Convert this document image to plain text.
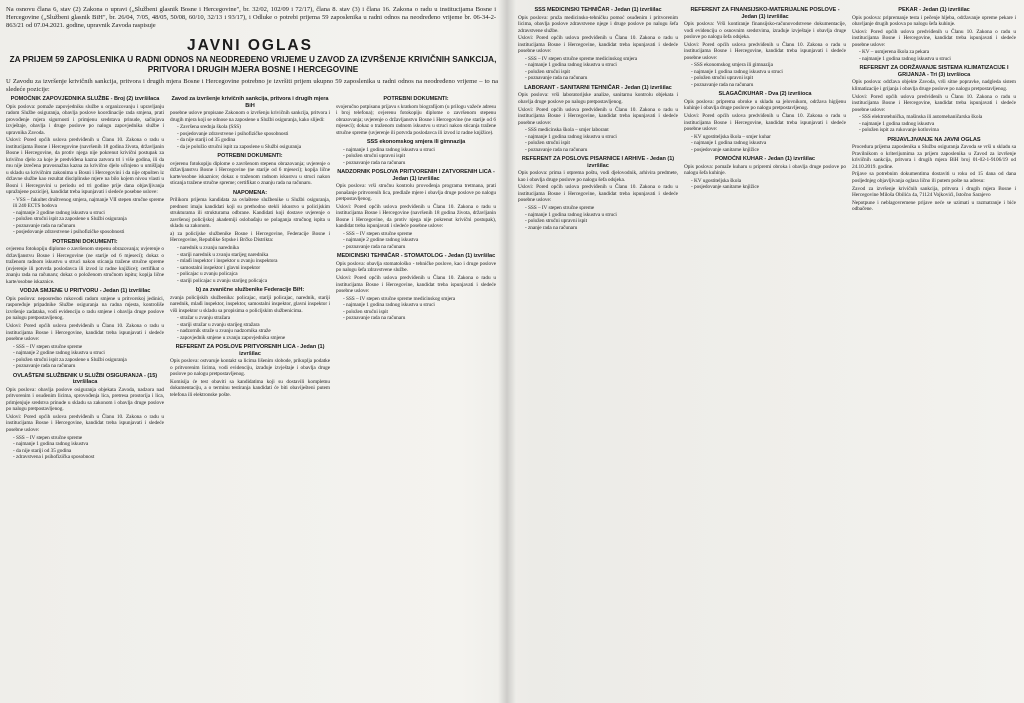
Na osnovu člana 6, stav (2) Zakona o upravi („Službeni glasnik Bosne i Hercegovine", br. 32/02, 102/09 i 72/17), člana 8. stav (3) i člana 16. Zakona o radu u institucijama Bosne i Hercegovine („Službeni glasnik BiH", br. 26/04, 7/05, 48/05, 50/08, 60/10, 32/13 i 93/17), i Odluke o potrebi prijema 59 zaposlenika u radni odnos na neodređeno vrijeme br. 06-34-2-863/21 od 07.04.2021. godine, upravnik Zavoda raspisuje
JAVNI OGLAS
ZA PRIJEM 59 ZAPOSLENIKA U RADNI ODNOS NA NEODREĐENO VRIJEME U ZAVOD ZA IZVRŠENJE KRIVIČNIH SANKCIJA, PRITVORA I DRUGIH MJERA BOSNE I HERCEGOVINE
U Zavodu za izvršenje krivičnih sankcija, pritvora i drugih mjera Bosne i Hercegovine potrebno je izvršiti prijem ukupno 59 zaposlenika u radni odnos na neodređeno vrijeme – to na sledeće pozicije:
POMOĆNIK ZAPOVJEDNIKA SLUŽBE - Broj (2) izvršilaca

Opis poslova: pomaže zapovjedniku službe u organizovanju i upravljanju radom Službe osiguranja, obavlja poslove koordinacije rada smjena, prati provođenje mjera sigurnosti i primjenu sredstava prinude, sačinjava izvještaje, obavlja i druge poslove po nalogu zapovjednika službe i upravnika Zavoda.

Uslovi: Pored općih uslova predviđenih u Članu 10. Zakona o radu u institucijama Bosne i Hercegovine (navršenih 18 godina života, državljanin Bosne i Hercegovine, da protiv njega nije pokrenut krivični postupak za krivično djelo za koje je predviđena kazna zatvora tri i više godina, ili da mu nije izrečena pravosnažna kazna za krivično djelo učinjeno u umišljaju u skladu sa krivičnim zakonima u Bosni i Hercegovini i da nije otpušten iz državne službe kao rezultat disciplinske mjere na bilo kojem nivou vlasti u Bosni i Hercegovini u periodu od tri godine prije dana objavljivanja upražnjene pozicije), kandidat treba ispunjavati i sledeće posebne uslove:

- VSS – fakultet društvenog smjera, najmanje VII stepen stručne spreme ili 240 ECTS bodova
- najmanje 3 godine radnog iskustva u struci
- položen stručni ispit za zaposlene u Službi osiguranja
- poznavanje rada na računaru
- posjedovanje zdravstvene i psihofizičke sposobnosti
POTREBNI DOKUMENTI:

ovjerenu fotokopiju diplome o završenom stepenu obrazovanja; uvjerenje o državljanstvu Bosne i Hercegovine (ne starije od 6 mjeseci); dokaz o traženom radnom iskustvu u struci nakon sticanja tražene stručne spreme (uvjerenje ili potvrda poslodavca ili izvod iz radne knjižice); certifikat o znanju rada na računaru; dokaz o položenom stručnom ispitu; kopija lične karte/osobne iskaznice.

VODJA SMJENE U PRITVORU - Jedan (1) izvršilac

Opis poslova: neposredno rukovodi radom smjene u pritvorskoj jedinici, raspoređuje pripadnike Službe osiguranja na radna mjesta, kontroliše izvršenje zadataka, vodi evidenciju o radu smjene i obavlja druge poslove po nalogu pretpostavljenog.

Uslovi: Pored općih uslova predviđenih u Članu 10. Zakona o radu u institucijama Bosne i Hercegovine, kandidat treba ispunjavati i sledeće posebne uslove:

- SSS – IV stepen stručne spreme
- najmanje 2 godine radnog iskustva u struci
- položen stručni ispit za zaposlene u Službi osiguranja
- poznavanje rada na računaru
OVLAŠTENI SLUŽBENIK U SLUŽBI OSIGURANJA - (15) izvršilaca

Opis poslova: obavlja poslove osiguranja objekata Zavoda, nadzora nad pritvorenim i osuđenim licima, sprovođenja lica, pretresa prostorija i lica, primjenjuje sredstva prinude u skladu sa zakonom i obavlja druge poslove po nalogu pretpostavljenog.

Uslovi: Pored općih uslova predviđenih u Članu 10. Zakona o radu u institucijama Bosne i Hercegovine, kandidat treba ispunjavati i sledeće posebne uslove:

- SSS – IV stepen stručne spreme
- najmanje 1 godina radnog iskustva
- da nije stariji od 35 godina
- zdravstvena i psihofizička sposobnost
Zavod za izvršenje krivičnih sankcija, pritvora i drugih mjera BiH

posebne uslove propisane Zakonom o izvršenju krivičnih sankcija, pritvora i drugih mjera koji se odnose na zaposlene u Službi osiguranja, kako slijedi:

- Završena srednja škola (SSS)
- posjedovanje zdravstvene i psihofizičke sposobnosti
- da nije stariji od 35 godina
- da je položio stručni ispit za zaposlene u Službi osiguranja
POTREBNI DOKUMENTI:

ovjerenu fotokopiju diplome o završenom stepenu obrazovanja; uvjerenje o državljanstvu Bosne i Hercegovine (ne starije od 6 mjeseci); kopija lične karte/osobne iskaznice; dokaz o traženom radnom iskustvu u struci nakon sticanja tražene stručne spreme; certifikat o znanju rada na računaru.

NAPOMENA:

Prilikom prijema kandidata za ovlaštene službenike u Službi osiguranja, prednost imaju kandidati koji su prethodno stekli iskustvo u policijskim strukturama ili strukturama odbrane. Kandidati koji dostave uvjerenje o završenoj policijskoj akademiji oslobađaju se polaganja stručnog ispita u skladu sa zakonom.

a) za policijske službenike Bosne i Hercegovine, Federacije Bosne i Hercegovine, Republike Srpske i Brčko Distrikta:

- narednik u zvanju narednika
- stariji narednik u zvanju starijeg narednika
- mlađi inspektor i inspektor u zvanju inspektora
- samostalni inspektor i glavni inspektor
- policajac u zvanju policajca
- stariji policajac u zvanju starijeg policajca
b) za zvanične službenike Federacije BiH:

zvanja policijskih službenika: policajac, stariji policajac, narednik, stariji narednik, mlađi inspektor, inspektor, samostalni inspektor, glavni inspektor i viši inspektor u skladu sa propisima o policijskim službenicima.

- stražar u zvanju stražara
- stariji stražar u zvanju starijeg stražara
- nadzornik straže u zvanju nadzornika straže
- zapovjednik smjene u zvanju zapovjednika smjene
REFERENT ZA POSLOVE PRITVORENIH LICA - Jedan (1) izvršilac

Opis poslova: ostvaruje kontakt sa licima lišenim slobode, prikuplja podatke o pritvorenim licima, vodi evidenciju, izrađuje izvještaje i obavlja druge poslove po nalogu pretpostavljenog.

Komisija će test obaviti sa kandidatima koji su dostavili kompletnu dokumentaciju, a o terminu testiranja kandidati će biti obaviješteni putem telefona ili elektronske pošte.

POTREBNI DOKUMENTI:

svojeručno potpisanu prijavu s kratkom biografijom (u prilogu važeće adresu i broj telefona); ovjerenu fotokopiju diplome o završenom stepenu obrazovanja; uvjerenje o državljanstvu Bosne i Hercegovine (ne starije od 6 mjeseci); dokaz o traženom radnom iskustvu u struci nakon sticanja tražene stručne spreme (uvjerenje ili potvrda poslodavca ili izvod iz radne knjižice).

SSS ekonomskog smjera ili gimnazija
- najmanje 1 godina radnog iskustva u struci
- položen stručni upravni ispit
- poznavanje rada na računaru
NADZORNIK POSLOVA PRITVORENIH I ZATVORENIH LICA - Jedan (1) izvršilac

Opis poslova: vrši stručnu kontrolu provođenja programa tretmana, prati ponašanje pritvorenih lica, predlaže mjere i obavlja druge poslove po nalogu pretpostavljenog.

Uslovi: Pored općih uslova predviđenih u Članu 10. Zakona o radu u institucijama Bosne i Hercegovine (navršenih 18 godina života, državljanin Bosne i Hercegovine, da protiv njega nije pokrenut krivični postupak), kandidat treba ispunjavati i sledeće posebne uslove:

- SSS – IV stepen stručne spreme
- najmanje 2 godine radnog iskustva
- poznavanje rada na računaru
MEDICINSKI TEHNIČAR - STOMATOLOG - Jedan (1) izvršilac

Opis poslova: obavlja stomatološko - tehničke poslove, kao i druge poslove po nalogu šefa zdravstvene službe.

Uslovi: Pored općih uslova predviđenih u Članu 10. Zakona o radu u institucijama Bosne i Hercegovine, kandidat treba ispunjavati i sledeće posebne uslove:

- SSS – IV stepen stručne spreme medicinskog smjera
- najmanje 1 godina radnog iskustva u struci
- položen stručni ispit
- poznavanje rada na računaru
SSS MEDICINSKI TEHNIČAR - Jedan (1) izvršilac

Opis poslova: pruža medicinsko-tehničku pomoć osuđenim i pritvorenim licima, obavlja poslove zdravstvene njege i druge poslove po nalogu šefa zdravstvene službe.

Uslovi: Pored općih uslova predviđenih u Članu 10. Zakona o radu u institucijama Bosne i Hercegovine, kandidat treba ispunjavati i sledeće posebne uslove:

- SSS – IV stepen stručne spreme medicinskog smjera
- najmanje 1 godina radnog iskustva u struci
- položen stručni ispit
- poznavanje rada na računaru
LABORANT - SANITARNI TEHNIČAR - Jedan (1) izvršilac

Opis poslova: vrši laboratorijske analize, sanitarnu kontrolu objekata i obavlja druge poslove po nalogu pretpostavljenog.

Uslovi: Pored općih uslova predviđenih u Članu 10. Zakona o radu u institucijama Bosne i Hercegovine, kandidat treba ispunjavati i sledeće posebne uslove:

- SSS medicinska škola – smjer laborant
- najmanje 1 godina radnog iskustva u struci
- položen stručni ispit
- poznavanje rada na računaru
REFERENT ZA POSLOVE PISARNICE I ARHIVE - Jedan (1) izvršilac

Opis poslova: prima i otprema poštu, vodi djelovodnik, arhivira predmete, kao i obavlja druge poslove po nalogu šefa odsjeka.

Uslovi: Pored općih uslova predviđenih u Članu 10. Zakona o radu u institucijama Bosne i Hercegovine, kandidat treba ispunjavati i sledeće posebne uslove:

- SSS – IV stepen stručne spreme
- najmanje 1 godina radnog iskustva u struci
- položen stručni upravni ispit
- znanje rada na računaru
REFERENT ZA FINANSIJSKO-MATERIJALNE POSLOVE - Jedan (1) izvršilac

Opis poslova: Vrši kontiranje finansijsko-računovodstvene dokumentacije, vodi evidenciju o osnovnim sredstvima, izrađuje izvještaje i obavlja druge poslove po nalogu šefa odsjeka.

Uslovi: Pored općih uslova predviđenih u Članu 10. Zakona o radu u institucijama Bosne i Hercegovine, kandidat treba ispunjavati i sledeće posebne uslove:

- SSS ekonomskog smjera ili gimnazija
- najmanje 1 godina radnog iskustva u struci
- položen stručni upravni ispit
- poznavanje rada na računaru
SLAGAČ/KUHAR - Dva (2) izvršioca

Opis poslova: priprema obroke u skladu sa jelovnikom, održava higijenu kuhinje i obavlja druge poslove po nalogu pretpostavljenog.

Uslovi: Pored općih uslova predviđenih u Članu 10. Zakona o radu u institucijama Bosne i Hercegovine, kandidat treba ispunjavati i sledeće posebne uslove:

- KV ugostiteljska škola – smjer kuhar
- najmanje 1 godina radnog iskustva
- posjedovanje sanitarne knjižice
POMOĆNI KUHAR - Jedan (1) izvršilac

Opis poslova: pomaže kuharu u pripremi obroka i obavlja druge poslove po nalogu šefa kuhinje.

- KV ugostiteljska škola
- posjedovanje sanitarne knjižice
PEKAR - Jedan (1) izvršilac

Opis poslova: pripremanje testa i pečenje hljeba, održavanje opreme pekare i obavljanje drugih poslova po nalogu šefa kuhinje.

Uslovi: Pored općih uslova predviđenih u Članu 10. Zakona o radu u institucijama Bosne i Hercegovine, kandidat treba ispunjavati i sledeće posebne uslove:

- KV – usmjerena škola za pekara
- najmanje 1 godina radnog iskustva u struci
REFERENT ZA ODRŽAVANJE SISTEMA KLIMATIZACIJE I GRIJANJA - Tri (3) izvršioca

Opis poslova: održava objekte Zavoda, vrši sitne popravke, nadgleda sistem klimatizacije i grijanja i obavlja druge poslove po nalogu pretpostavljenog.

Uslovi: Pored općih uslova predviđenih u Članu 10. Zakona o radu u institucijama Bosne i Hercegovine, kandidat treba ispunjavati i sledeće posebne uslove:

- SSS elektrotehnička, mašinska ili automehaničarska škola
- najmanje 1 godina radnog iskustva
- položen ispit za rukovanje kotlovima
PRIJAVLJIVANJE NA JAVNI OGLAS

Procedura prijema zaposlenika u Službu osiguranja Zavoda se vrši u skladu sa Pravilnikom o kriterijumima za prijem zaposlenika u Zavod za izvršenje krivičnih sankcija, pritvora i drugih mjera BiH broj 01-02-1-9106/19 od 24.10.2019. godine.

Prijave sa potrebnim dokumentima dostaviti u roku od 15 dana od dana posljednjeg objavljivanja oglasa lično ili putem pošte na adresu:

Zavod za izvršenje krivičnih sankcija, pritvora i drugih mjera Bosne i Hercegovine Miloša Obilića 4a, 71124 Vojkovići, Istočno Sarajevo

Nepotpune i neblagovremene prijave neće se uzimati u razmatranje i biće odbačene.
